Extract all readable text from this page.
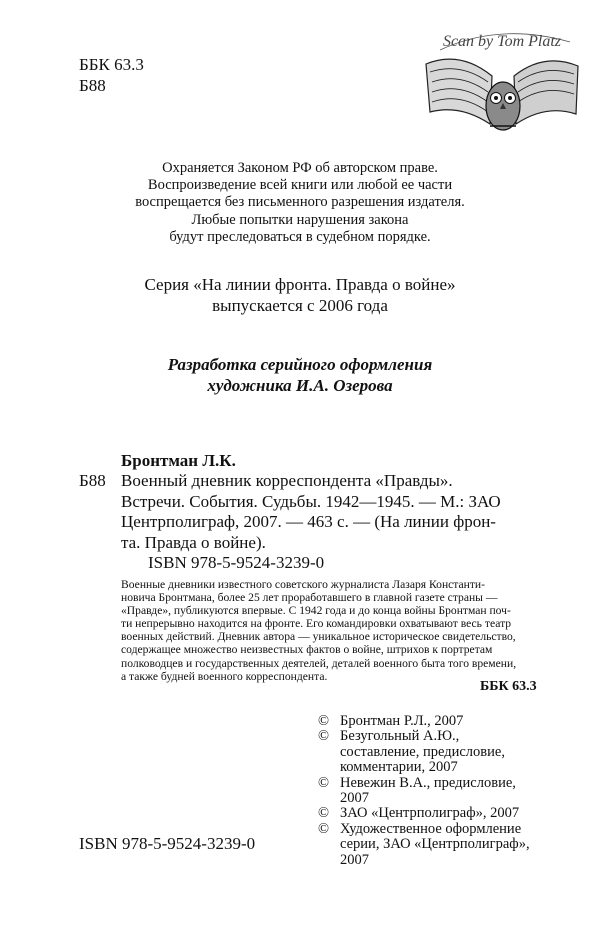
ББК 63.3
Б88
Scan by Tom Platz
Охраняется Законом РФ об авторском праве.
Воспроизведение всей книги или любой ее части
воспрещается без письменного разрешения издателя.
Любые попытки нарушения закона
будут преследоваться в судебном порядке.
Серия «На линии фронта. Правда о войне»
выпускается с 2006 года
Разработка серийного оформления
художника И.А. Озерова
Бронтман Л.К.
Б88 Военный дневник корреспондента «Правды».
Встречи. События. Судьбы. 1942—1945. — М.: ЗАО
Центрполиграф, 2007. — 463 с. — (На линии фрон-
та. Правда о войне).
ISBN 978-5-9524-3239-0
Военные дневники известного советского журналиста Лазаря Константи-
новича Бронтмана, более 25 лет проработавшего в главной газете страны —
«Правде», публикуются впервые. С 1942 года и до конца войны Бронтман поч-
ти непрерывно находится на фронте. Его командировки охватывают весь театр
военных действий. Дневник автора — уникальное историческое свидетельство,
содержащее множество неизвестных фактов о войне, штрихов к портретам
полководцев и государственных деятелей, деталей военного быта того времени,
а также будней военного корреспондента.
ББК 63.3
© Бронтман Р.Л., 2007
© Безугольный А.Ю.,
составление, предисловие,
комментарии, 2007
© Невежин В.А., предисловие,
2007
© ЗАО «Центрполиграф», 2007
© Художественное оформление
серии, ЗАО «Центрполиграф»,
2007
ISBN 978-5-9524-3239-0
